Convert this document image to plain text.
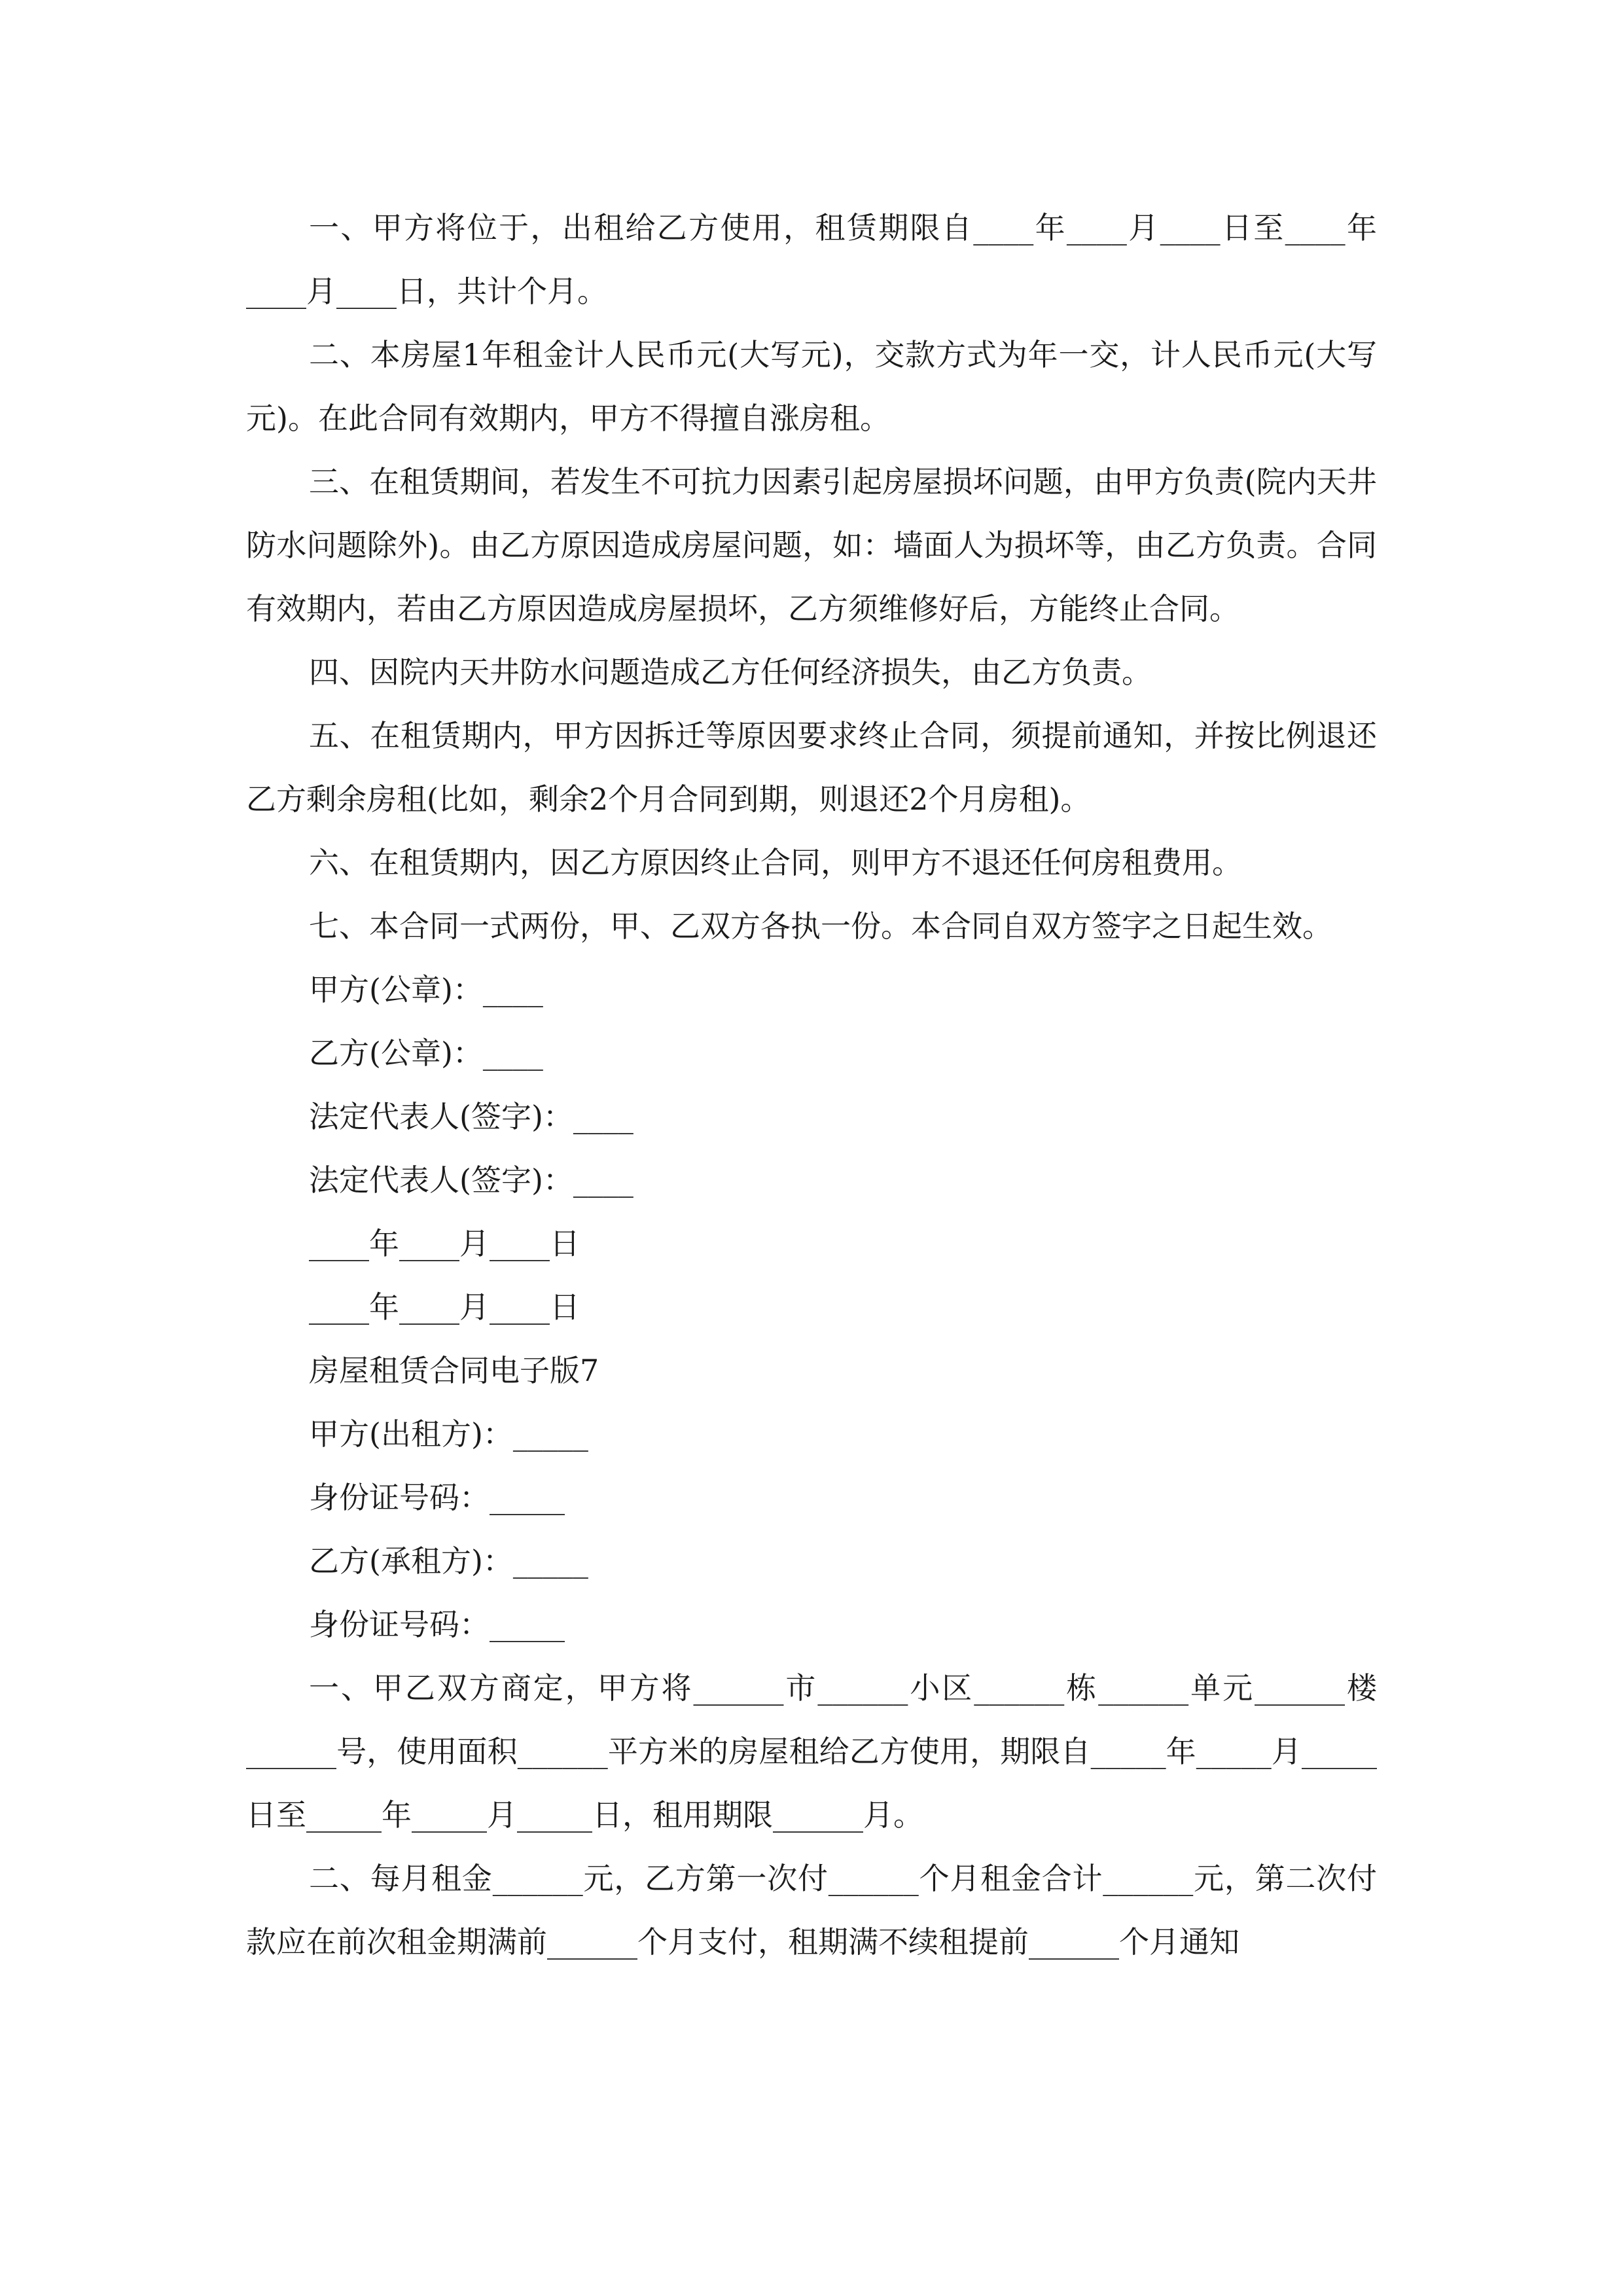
一、甲方将位于，出租给乙方使用，租赁期限自____年____月____日至____年____月____日，共计个月。

二、本房屋1年租金计人民币元(大写元)，交款方式为年一交，计人民币元(大写元)。在此合同有效期内，甲方不得擅自涨房租。

三、在租赁期间，若发生不可抗力因素引起房屋损坏问题，由甲方负责(院内天井防水问题除外)。由乙方原因造成房屋问题，如：墙面人为损坏等，由乙方负责。合同有效期内，若由乙方原因造成房屋损坏，乙方须维修好后，方能终止合同。

四、因院内天井防水问题造成乙方任何经济损失，由乙方负责。

五、在租赁期内，甲方因拆迁等原因要求终止合同，须提前通知，并按比例退还乙方剩余房租(比如，剩余2个月合同到期，则退还2个月房租)。

六、在租赁期内，因乙方原因终止合同，则甲方不退还任何房租费用。

七、本合同一式两份，甲、乙双方各执一份。本合同自双方签字之日起生效。

甲方(公章)：____

乙方(公章)：____

法定代表人(签字)：____

法定代表人(签字)：____

____年____月____日

____年____月____日

房屋租赁合同电子版7

甲方(出租方)：_____

身份证号码：_____

乙方(承租方)：_____

身份证号码：_____

一、甲乙双方商定，甲方将______市______小区______栋______单元______楼______号，使用面积______平方米的房屋租给乙方使用，期限自_____年_____月_____日至_____年_____月_____日，租用期限______月。

二、每月租金______元，乙方第一次付______个月租金合计______元，第二次付款应在前次租金期满前______个月支付，租期满不续租提前______个月通知
